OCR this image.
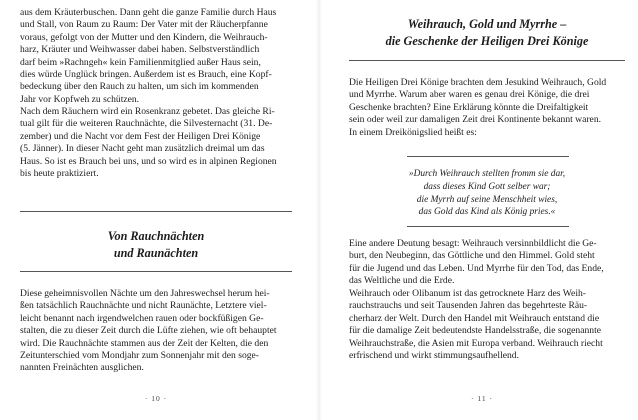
aus dem Kräuterbuschen. Dann geht die ganze Familie durch Haus
und Stall, von Raum zu Raum: Der Vater mit der Räucherpfanne
voraus, gefolgt von der Mutter und den Kindern, die Weihrauch-
harz, Kräuter und Weihwasser dabei haben. Selbstverständlich
darf beim »Rachngeh« kein Familienmitglied außer Haus sein,
dies würde Unglück bringen. Außerdem ist es Brauch, eine Kopf-
bedeckung über den Rauch zu halten, um sich im kommenden
Jahr vor Kopfweh zu schützen.

Nach dem Räuchern wird ein Rosenkranz gebetet. Das gleiche Ri-
tual gilt für die weiteren Rauchnächte, die Silvesternacht (31. De-
zember) und die Nacht vor dem Fest der Heiligen Drei Könige
(5. Jänner). In dieser Nacht geht man zusätzlich dreimal um das
Haus. So ist es Brauch bei uns, und so wird es in alpinen Regionen
bis heute praktiziert.

Von Rauchnächten
und Raunächten

Diese geheimnisvollen Nächte um den Jahreswechsel herum hei-
ßen tatsächlich Rauchnächte und nicht Raunächte, Letztere viel-
leicht benannt nach irgendwelchen rauen oder bockfüßigen Ge-
stalten, die zu dieser Zeit durch die Lüfte ziehen, wie oft behauptet
wird. Die Rauchnächte stammen aus der Zeit der Kelten, die den
Zeitunterschied vom Mondjahr zum Sonnenjahr mit den soge-
nannten Freinächten ausglichen.

· 10 ·
Weihrauch, Gold und Myrrhe –
die Geschenke der Heiligen Drei Könige

Die Heiligen Drei Könige brachten dem Jesukind Weihrauch, Gold
und Myrrhe. Warum aber waren es genau drei Könige, die drei
Geschenke brachten? Eine Erklärung könnte die Dreifaltigkeit
sein oder weil zur damaligen Zeit drei Kontinente bekannt waren.
In einem Dreikönigslied heißt es:

»Durch Weihrauch stellten fromm sie dar,
dass dieses Kind Gott selber war;
die Myrrh auf seine Menschheit wies,
das Gold das Kind als König pries.«

Eine andere Deutung besagt: Weihrauch versinnbildlicht die Ge-
burt, den Neubeginn, das Göttliche und den Himmel. Gold steht
für die Jugend und das Leben. Und Myrrhe für den Tod, das Ende,
das Weltliche und die Erde.

Weihrauch oder Olibanum ist das getrocknete Harz des Weih-
rauchstrauchs und seit Tausenden Jahren das begehrteste Räu-
cherharz der Welt. Durch den Handel mit Weihrauch entstand die
für die damalige Zeit bedeutendste Handelsstraße, die sogenannte
Weihrauchstraße, die Asien mit Europa verband. Weihrauch riecht
erfrischend und wirkt stimmungsaufhellend.

· 11 ·
